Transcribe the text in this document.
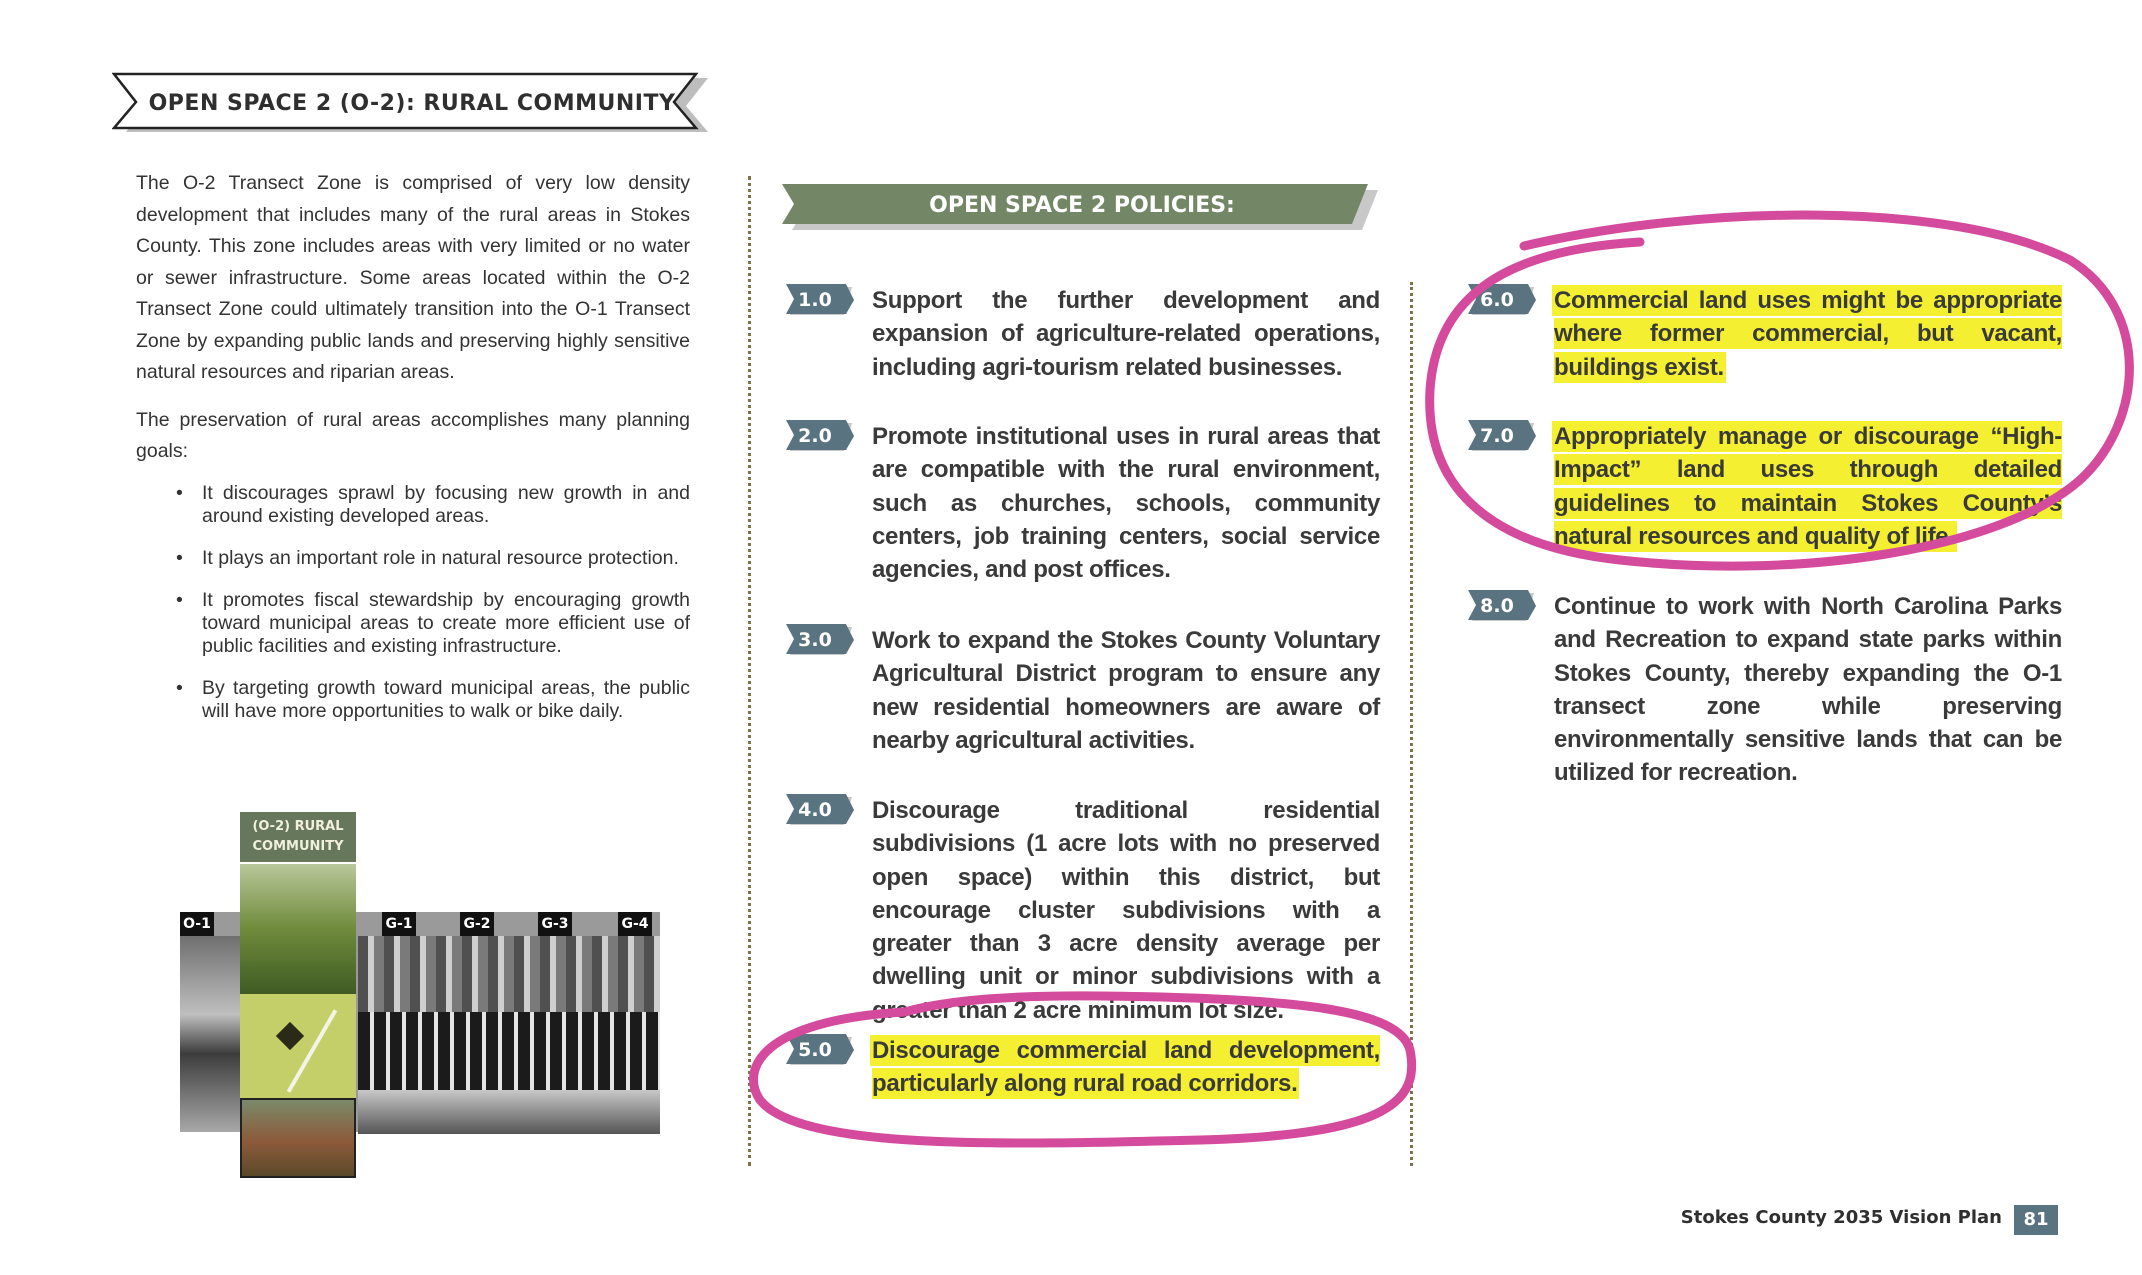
OPEN SPACE 2 (O-2): RURAL COMMUNITY

The O-2 Transect Zone is comprised of very low density development that includes many of the rural areas in Stokes County. This zone includes areas with very limited or no water or sewer infrastructure. Some areas located within the O-2 Transect Zone could ultimately transition into the O-1 Transect Zone by expanding public lands and preserving highly sensitive natural resources and riparian areas.

The preservation of rural areas accomplishes many planning goals:

• It discourages sprawl by focusing new growth in and around existing developed areas.
• It plays an important role in natural resource protection.
• It promotes fiscal stewardship by encouraging growth toward municipal areas to create more efficient use of public facilities and existing infrastructure.
• By targeting growth toward municipal areas, the public will have more opportunities to walk or bike daily.
(O-2) RURAL COMMUNITY
O-1	G-1	G-2	G-3	G-4
OPEN SPACE 2 POLICIES:
1.0	Support the further development and expansion of agriculture-related operations, including agri-tourism related businesses.
2.0	Promote institutional uses in rural areas that are compatible with the rural environment, such as churches, schools, community centers, job training centers, social service agencies, and post offices.
3.0	Work to expand the Stokes County Voluntary Agricultural District program to ensure any new residential homeowners are aware of nearby agricultural activities.
4.0	Discourage traditional residential subdivisions (1 acre lots with no preserved open space) within this district, but encourage cluster subdivisions with a greater than 3 acre density average per dwelling unit or minor subdivisions with a greater than 2 acre minimum lot size.
5.0	Discourage commercial land development, particularly along rural road corridors.
6.0	Commercial land uses might be appropriate where former commercial, but vacant, buildings exist.
7.0	Appropriately manage or discourage “High-Impact” land uses through detailed guidelines to maintain Stokes County’s natural resources and quality of life.
8.0	Continue to work with North Carolina Parks and Recreation to expand state parks within Stokes County, thereby expanding the O-1 transect zone while preserving environmentally sensitive lands that can be utilized for recreation.
Stokes County 2035 Vision Plan	81
